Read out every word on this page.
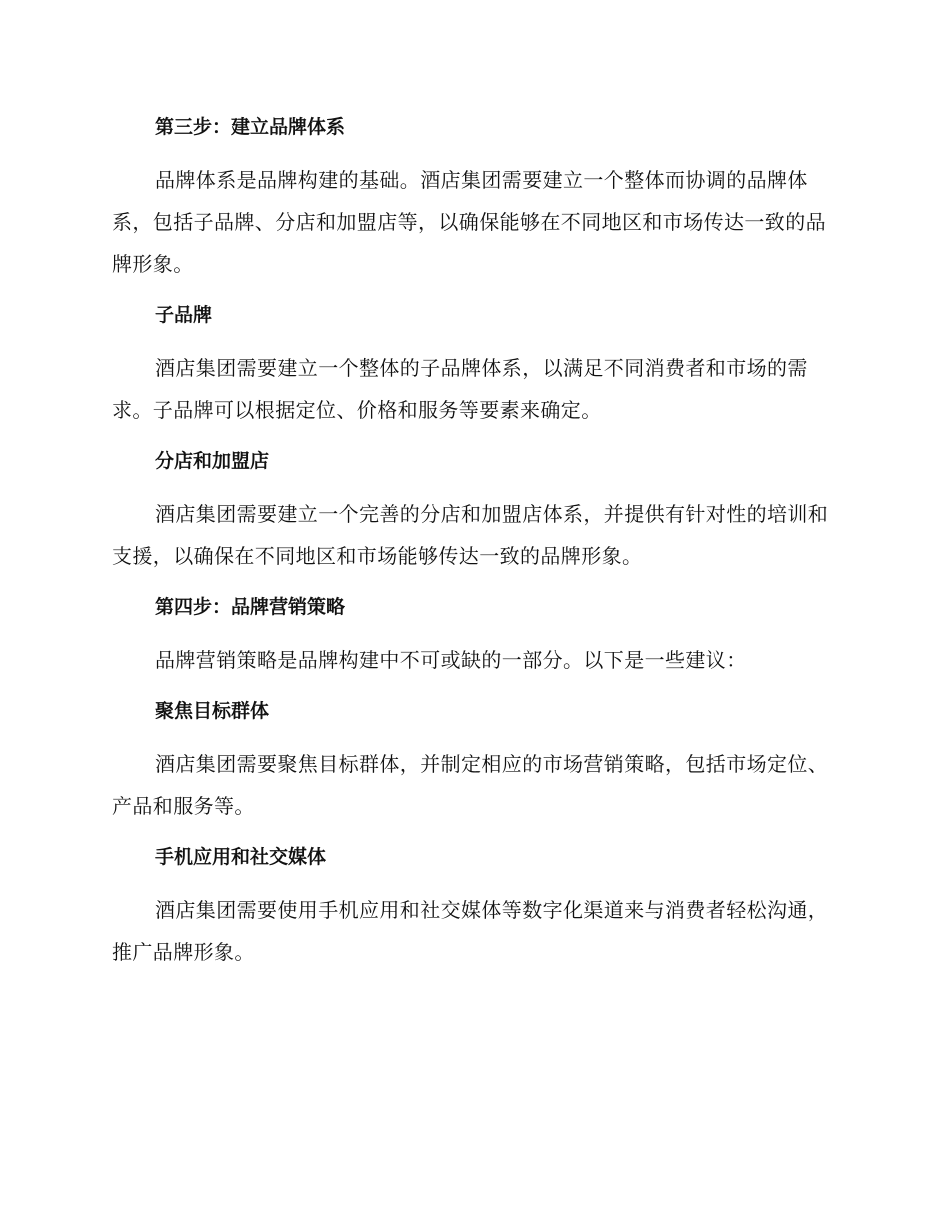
第三步：建立品牌体系

品牌体系是品牌构建的基础。酒店集团需要建立一个整体而协调的品牌体系，包括子品牌、分店和加盟店等，以确保能够在不同地区和市场传达一致的品牌形象。

子品牌

酒店集团需要建立一个整体的子品牌体系，以满足不同消费者和市场的需求。子品牌可以根据定位、价格和服务等要素来确定。

分店和加盟店

酒店集团需要建立一个完善的分店和加盟店体系，并提供有针对性的培训和支援，以确保在不同地区和市场能够传达一致的品牌形象。

第四步：品牌营销策略

品牌营销策略是品牌构建中不可或缺的一部分。以下是一些建议：

聚焦目标群体

酒店集团需要聚焦目标群体，并制定相应的市场营销策略，包括市场定位、产品和服务等。

手机应用和社交媒体

酒店集团需要使用手机应用和社交媒体等数字化渠道来与消费者轻松沟通，推广品牌形象。
